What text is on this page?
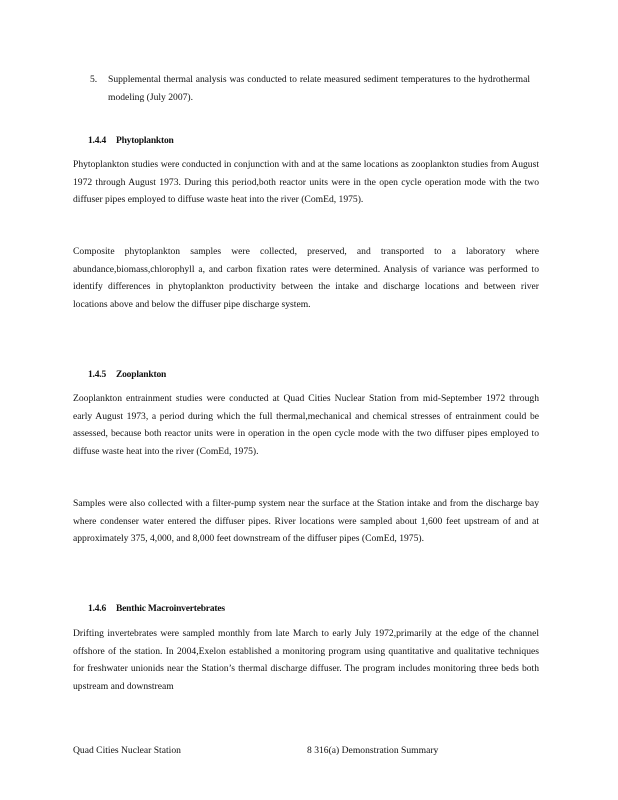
5. Supplemental thermal analysis was conducted to relate measured sediment temperatures to the hydrothermal modeling (July 2007).
1.4.4 Phytoplankton

Phytoplankton studies were conducted in conjunction with and at the same locations as zooplankton studies from August 1972 through August 1973. During this period,both reactor units were in the open cycle operation mode with the two diffuser pipes employed to diffuse waste heat into the river (ComEd, 1975).

Composite phytoplankton samples were collected, preserved, and transported to a laboratory where abundance,biomass,chlorophyll a, and carbon fixation rates were determined. Analysis of variance was performed to identify differences in phytoplankton productivity between the intake and discharge locations and between river locations above and below the diffuser pipe discharge system.

1.4.5 Zooplankton

Zooplankton entrainment studies were conducted at Quad Cities Nuclear Station from mid-September 1972 through early August 1973, a period during which the full thermal,mechanical and chemical stresses of entrainment could be assessed, because both reactor units were in operation in the open cycle mode with the two diffuser pipes employed to diffuse waste heat into the river (ComEd, 1975).

Samples were also collected with a filter-pump system near the surface at the Station intake and from the discharge bay where condenser water entered the diffuser pipes. River locations were sampled about 1,600 feet upstream of and at approximately 375, 4,000, and 8,000 feet downstream of the diffuser pipes (ComEd, 1975).

1.4.6 Benthic Macroinvertebrates

Drifting invertebrates were sampled monthly from late March to early July 1972,primarily at the edge of the channel offshore of the station. In 2004,Exelon established a monitoring program using quantitative and qualitative techniques for freshwater unionids near the Station’s thermal discharge diffuser. The program includes monitoring three beds both upstream and downstream

Quad Cities Nuclear Station	8 316(a) Demonstration Summary
